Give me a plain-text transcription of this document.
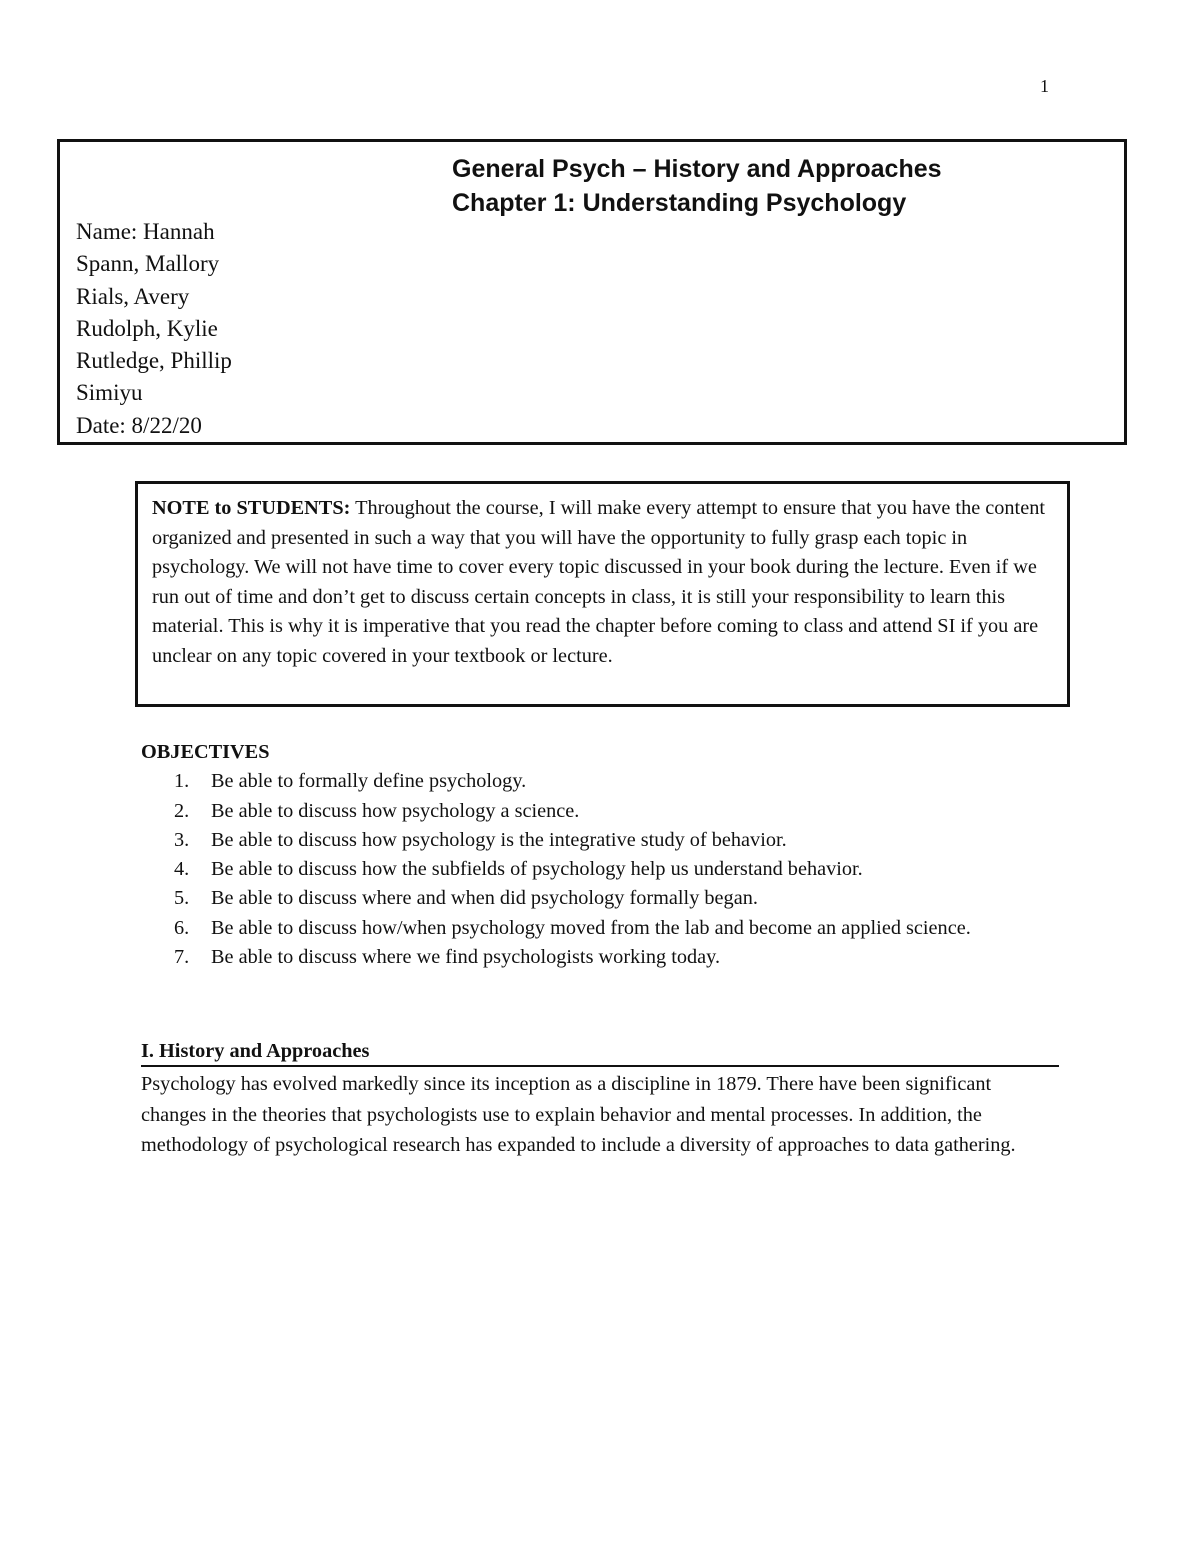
1
General Psych – History and Approaches
Chapter 1: Understanding Psychology
Name: Hannah
Spann, Mallory
Rials, Avery
Rudolph, Kylie
Rutledge, Phillip
Simiyu
Date: 8/22/20
NOTE to STUDENTS: Throughout the course, I will make every attempt to ensure that you have the content organized and presented in such a way that you will have the opportunity to fully grasp each topic in psychology. We will not have time to cover every topic discussed in your book during the lecture. Even if we run out of time and don’t get to discuss certain concepts in class, it is still your responsibility to learn this material. This is why it is imperative that you read the chapter before coming to class and attend SI if you are unclear on any topic covered in your textbook or lecture.

OBJECTIVES

1. Be able to formally define psychology.
2. Be able to discuss how psychology a science.
3. Be able to discuss how psychology is the integrative study of behavior.
4. Be able to discuss how the subfields of psychology help us understand behavior.
5. Be able to discuss where and when did psychology formally began.
6. Be able to discuss how/when psychology moved from the lab and become an applied science.
7. Be able to discuss where we find psychologists working today.
I. History and Approaches
Psychology has evolved markedly since its inception as a discipline in 1879. There have been significant changes in the theories that psychologists use to explain behavior and mental processes. In addition, the methodology of psychological research has expanded to include a diversity of approaches to data gathering.
